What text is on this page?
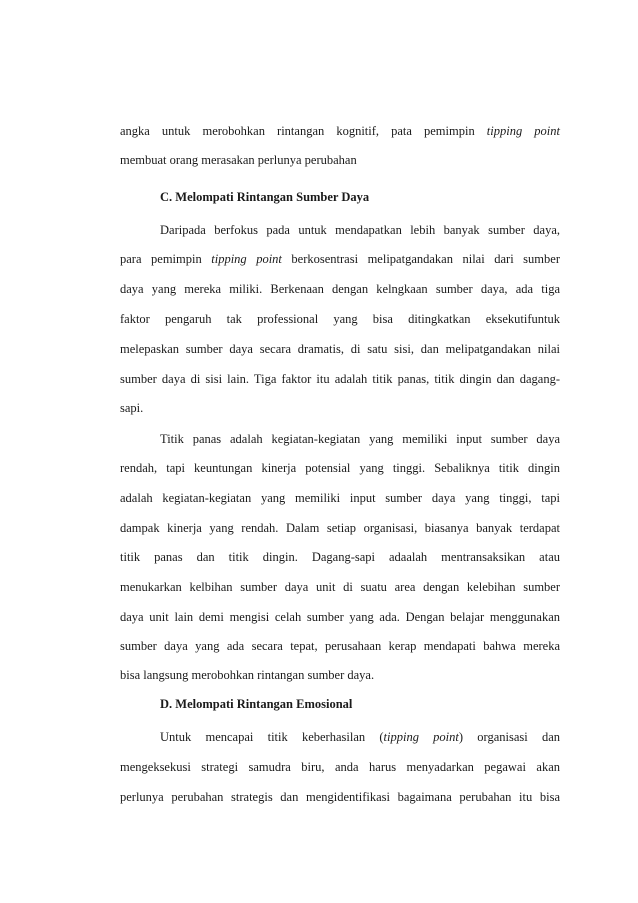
angka untuk merobohkan rintangan kognitif, pata pemimpin tipping point
membuat orang merasakan perlunya perubahan
C. Melompati Rintangan Sumber Daya
Daripada berfokus pada untuk mendapatkan lebih banyak sumber daya,
para pemimpin tipping point berkosentrasi melipatgandakan nilai dari sumber
daya yang mereka miliki. Berkenaan dengan kelngkaan sumber daya, ada tiga
faktor pengaruh tak professional yang bisa ditingkatkan eksekutifuntuk
melepaskan sumber daya secara dramatis, di satu sisi, dan melipatgandakan nilai
sumber daya di sisi lain. Tiga faktor itu adalah titik panas, titik dingin dan dagang-
sapi.
Titik panas adalah kegiatan-kegiatan yang memiliki input sumber daya
rendah, tapi keuntungan kinerja potensial yang tinggi. Sebaliknya titik dingin
adalah kegiatan-kegiatan yang memiliki input sumber daya yang tinggi, tapi
dampak kinerja yang rendah. Dalam setiap organisasi, biasanya banyak terdapat
titik panas dan titik dingin. Dagang-sapi adaalah mentransaksikan atau
menukarkan kelbihan sumber daya unit di suatu area dengan kelebihan sumber
daya unit lain demi mengisi celah sumber yang ada. Dengan belajar menggunakan
sumber daya yang ada secara tepat, perusahaan kerap mendapati bahwa mereka
bisa langsung merobohkan rintangan sumber daya.
D. Melompati Rintangan Emosional
Untuk mencapai titik keberhasilan (tipping point) organisasi dan
mengeksekusi strategi samudra biru, anda harus menyadarkan pegawai akan
perlunya perubahan strategis dan mengidentifikasi bagaimana perubahan itu bisa
